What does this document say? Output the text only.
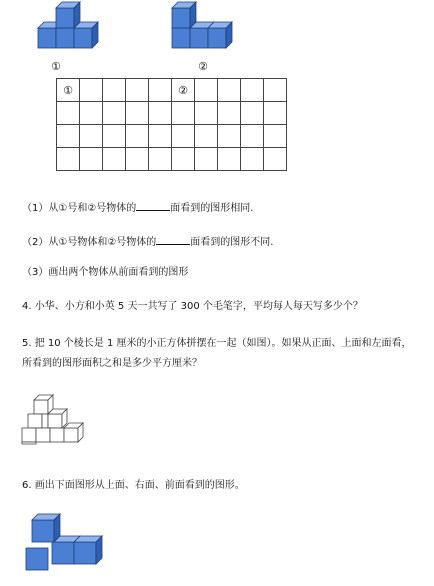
①	②
①					②				

（1）从①号和②号物体的	面看到的图形相同.
（2）从①号物体和②号物体的	面看到的图形不同.
（3）画出两个物体从前面看到的图形
4. 小华、小方和小英 5 天一共写了 300 个毛笔字，平均每人每天写多少个？
5. 把 10 个棱长是 1 厘米的小正方体拼摆在一起（如图）。如果从正面、上面和左面看，
所看到的图形面积之和是多少平方厘米？
6. 画出下面图形从上面、右面、前面看到的图形。
